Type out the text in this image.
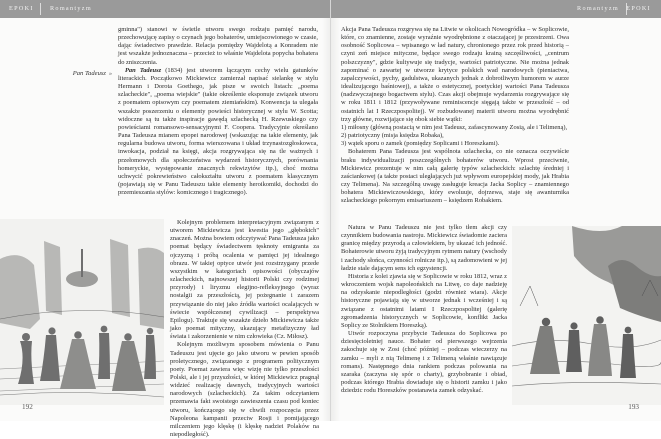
EPOKI	Romantyzm	Romantyzm EPOKI
Pan Tadeusz »

gminna") stanowi w świetle utworu swego rodzaju pamięć narodu, przechowującę zapisy o czynach jego bohaterów, umiejscowionego w czasie, dając świadectwo prawdzie. Relacja pomiędzy Wajdelotą a Konradem nie jest wszakże jednoznaczna – przecież to właśnie Wajdelota popycha bohatera do zniszczenia.

Pan Tadeusz (1834) jest utworem łączącym cechy wielu gatunków literackich. Początkowo Mickiewicz zamierzał napisać sielankę w stylu Hermann i Dorota Goethego, jak pisze w swoich listach: „poema szlacheckie", „poema wiejskie" (takie określenie eksponuje związek utworu z poematem opisowym czy poematem ziemiańskim). Konwencja ta ulegała wszakże poszerzeniu o elementy powieści historycznej w stylu W. Scotta; widoczne są tu także inspiracje gawędą szlachecką H. Rzewuskiego czy powieściami romansowo-sensacyjnymi F. Coopera. Tradycyjnie określano Pana Tadeusza mianem epopei narodowej (wskazując na takie elementy, jak regularna budowa utworu, forma wierszowana i układ trzynastozgłoskowca, inwokacja, podział na księgi, akcja rozgrywająca się na tle ważnych i przełomowych dla społeczeństwa wydarzeń historycznych, porównania homeryckie, występowanie znacznych rekwizytów itp.), choć można uchwycić pokrewieństwo całokształtu utworu z poematem klasycznym (pojawiają się w Panu Tadeuszu takie elementy heroikomiki, dochodzi do przemieszania stylów: komicznego i tragicznego).

Kolejnym problemem interpretacyjnym związanym z utworem Mickiewicza jest kwestia jego „głębokich" znaczeń. Można bowiem odczytywać Pana Tadeusza jako poemat będący świadectwem tęsknoty emigranta za ojczyzną i próbą ocalenia w pamięci jej idealnego obrazu. W takiej optyce utwór jest rozstrzygany przede wszystkim w kategoriach opisowości (obyczajów szlacheckich, najnowszej historii Polski czy rodzimej przyrody) i liryzmu elegijno-refleksyjnego (wyraz nostalgii za przeszłością, jej pożegnanie i zarazem przywiązanie do niej jako źródła wartości ocalających w świecie współczesnej cywilizacji – perspektywa Epilogu). Traktuje się wszakże dzieło Mickiewicza także jako poemat mityczny, ukazujący metafizyczny ład świata i zakorzenienie w nim człowieka (Cz. Miłosz).

Kolejnym możliwym sposobem mówienia o Panu Tadeuszu jest ujęcie go jako utworu w pewien sposób proletycznego, związanego z programem politycznym poety. Poemat zawiera więc wizję nie tylko przeszłości Polski, ale i jej przyszłości, w której Mickiewicz pragnął widzieć realizację dawnych, tradycyjnych wartości narodowych (szlacheckich). Za takim odczytaniem przemawia fakt swoistego zawieszenia czasu pod koniec utworu, kończącego się w chwili rozpoczęcia przez Napoleona kampanii przeciw Rosji i pomijającego milczeniem jego klęskę (i klęskę nadziei Polaków na niepodległość).

Akcja Pana Tadeusza rozgrywa się na Litwie w okolicach Nowogródka – w Soplicowie, które, co znamienne, zostaje wyraźnie wyodrębnione z otaczającej je przestrzeni. Owa osobność Soplicowa – wpisanego w ład natury, chronionego przez rok przed historią – czyni zeń miejsce mityczne, będące swego rodzaju krainą szczęśliwości, „centrum polszczyzny", gdzie kultywuje się tradycje, wartości patriotyczne. Nie można jednak zapominać o zawartej w utworze krytyce polskich wad narodowych (pieniactwa, zapalczywości, pychy, gadulstwa, ukazanych jednak z dobrotliwym humorem w aurze idealizującego baśniowej), a także o estetycznej, poetyckiej wartości Pana Tadeusza (nadzwyczajnego bogactwem stylu). Czas akcji obejmuje wydarzenia rozgrywające się w roku 1811 i 1812 (przywoływane reminiscencje sięgają także w przeszłość – od ostatnich lat I Rzeczpospolitej). W rozbudowanej materii utworu można wyodrębnić trzy główne, rozwijające się obok siebie wątki:

1) miłosny (główną postacią w nim jest Tadeusz, zafascynowany Zosią, ale i Telimeną),

2) patriotyczny (misja księdza Robaka),

3) wątek sporu o zamek (pomiędzy Soplicami i Horeszkami).

Bohaterem Pana Tadeusza jest wspólnota szlachecka, co nie oznacza oczywiście braku indywidualizacji poszczególnych bohaterów utworu. Wprost przeciwnie, Mickiewicz prezentuje w nim całą galerię typów szlacheckich: szlachtę średniej i zaściankowej (a także postaci uległających już wpływom europejskiej mody, jak Hrabia czy Telimena). Na szczególną uwagę zasługuje kreacja Jacka Soplicy – znamiennego bohatera Mickiewiczowskiego, który ewoluuje, dojrzewa, staje się awanturnika szlacheckiego pokornym emisariuszem – księdzem Robakiem.

Natura w Panu Tadeuszu nie jest tylko tłem akcji czy czynnikiem budowania nastroju. Mickiewicz świadomie zaciera granicę między przyrodą a człowiekiem, by ukazać ich jedność. Bohaterowie utworu żyją tradycyjnym rytmem natury (wschody i zachody słońca, czynności rolnicze itp.), są zadomowieni w jej ładzie stale dającym sens ich egzystencji.

Historia z kolei zjawia się w Soplicowie w roku 1812, wraz z wkroczeniem wojsk napoleońskich na Litwę, co daje nadzieję na odzyskanie niepodległości (godzi również wiara). Akcje historyczne pojawiają się w utworze jednak i wcześniej i są związane z ostatnimi latami I Rzeczpospolitej (galerię zgromadzenia historycznych w Soplicowie, konflikt Jacka Soplicy ze Stolnikiem Horeszką).

Utwór rozpoczyna przybycie Tadeusza do Soplicowa po dziesięcioletniej nauce. Bohater od pierwszego wejrzenia zakochuje się w Zosi (choć później – podczas wieczerzy na zamku – myli z nią Telimenę i z Telimeną właśnie nawiązuje romans). Następnego dnia rankiem podczas polowania na szaraka (zaczyna się spór o charty), grzybobranie i obiad, podczas którego Hrabia dowiaduje się o historii zamku i jako dziedzic rodu Horeszków postanawia zamek odzyskać.

192	193
